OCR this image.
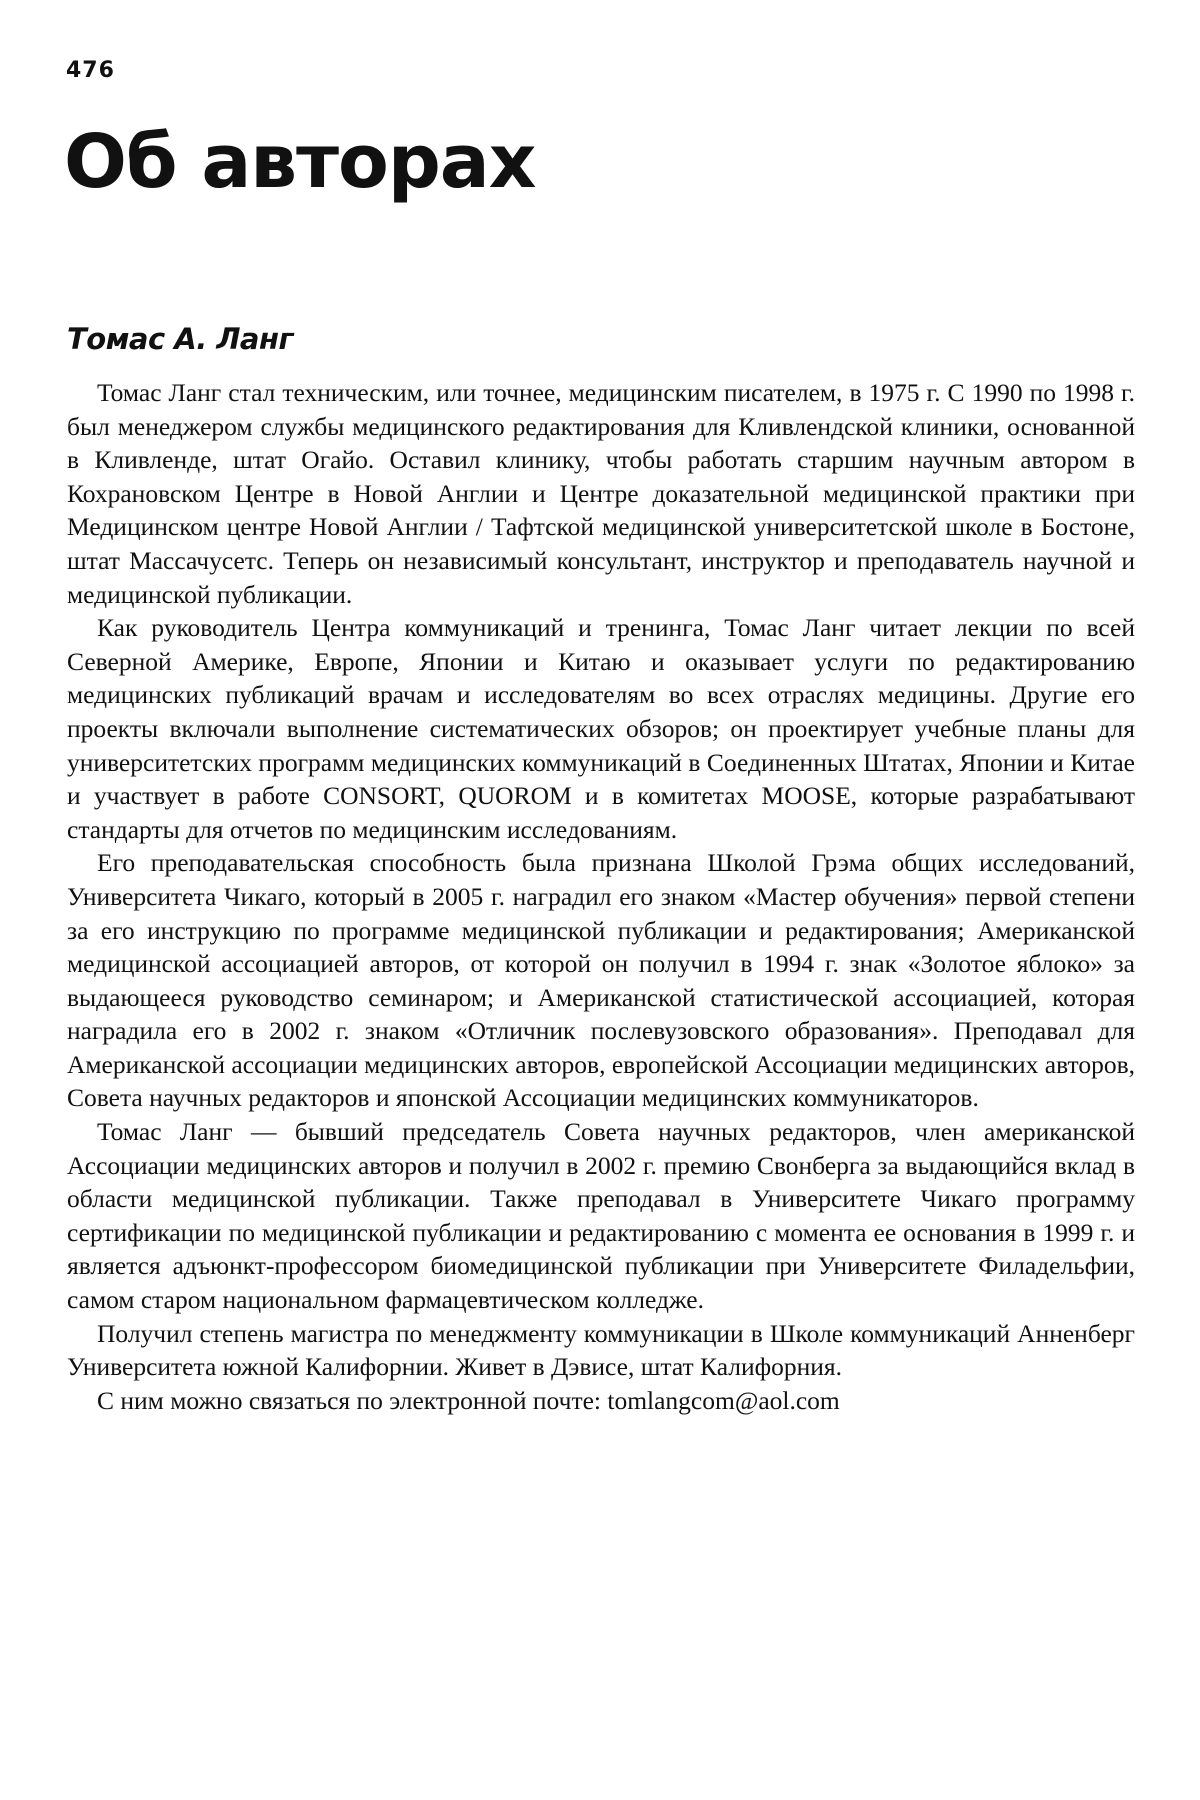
476
Об авторах
Томас А. Ланг

Томас Ланг стал техническим, или точнее, медицинским писателем, в 1975 г. С 1990 по 1998 г. был менеджером службы медицинского редактирования для Кливлендской клиники, основанной в Кливленде, штат Огайо. Оставил клинику, чтобы работать старшим научным автором в Кохрановском Центре в Новой Англии и Центре доказательной медицинской практики при Медицинском центре Новой Англии / Тафтской медицинской университетской школе в Бостоне, штат Массачусетс. Теперь он независимый консультант, инструктор и преподаватель научной и медицинской публикации.

Как руководитель Центра коммуникаций и тренинга, Томас Ланг читает лекции по всей Северной Америке, Европе, Японии и Китаю и оказывает услуги по редактированию медицинских публикаций врачам и исследователям во всех отраслях медицины. Другие его проекты включали выполнение систематических обзоров; он проектирует учебные планы для университетских программ медицинских коммуникаций в Соединенных Штатах, Японии и Китае и участвует в работе CONSORT, QUOROM и в комитетах MOOSE, которые разрабатывают стандарты для отчетов по медицинским исследованиям.

Его преподавательская способность была признана Школой Грэма общих исследований, Университета Чикаго, который в 2005 г. наградил его знаком «Мастер обучения» первой степени за его инструкцию по программе медицинской публикации и редактирования; Американской медицинской ассоциацией авторов, от которой он получил в 1994 г. знак «Золотое яблоко» за выдающееся руководство семинаром; и Американской статистической ассоциацией, которая наградила его в 2002 г. знаком «Отличник послевузовского образования». Преподавал для Американской ассоциации медицинских авторов, европейской Ассоциации медицинских авторов, Совета научных редакторов и японской Ассоциации медицинских коммуникаторов.

Томас Ланг — бывший председатель Совета научных редакторов, член американской Ассоциации медицинских авторов и получил в 2002 г. премию Свонберга за выдающийся вклад в области медицинской публикации. Также преподавал в Университете Чикаго программу сертификации по медицинской публикации и редактированию с момента ее основания в 1999 г. и является адъюнкт-профессором биомедицинской публикации при Университете Филадельфии, самом старом национальном фармацевтическом колледже.

Получил степень магистра по менеджменту коммуникации в Школе коммуникаций Анненберг Университета южной Калифорнии. Живет в Дэвисе, штат Калифорния.

С ним можно связаться по электронной почте: tomlangcom@aol.com
